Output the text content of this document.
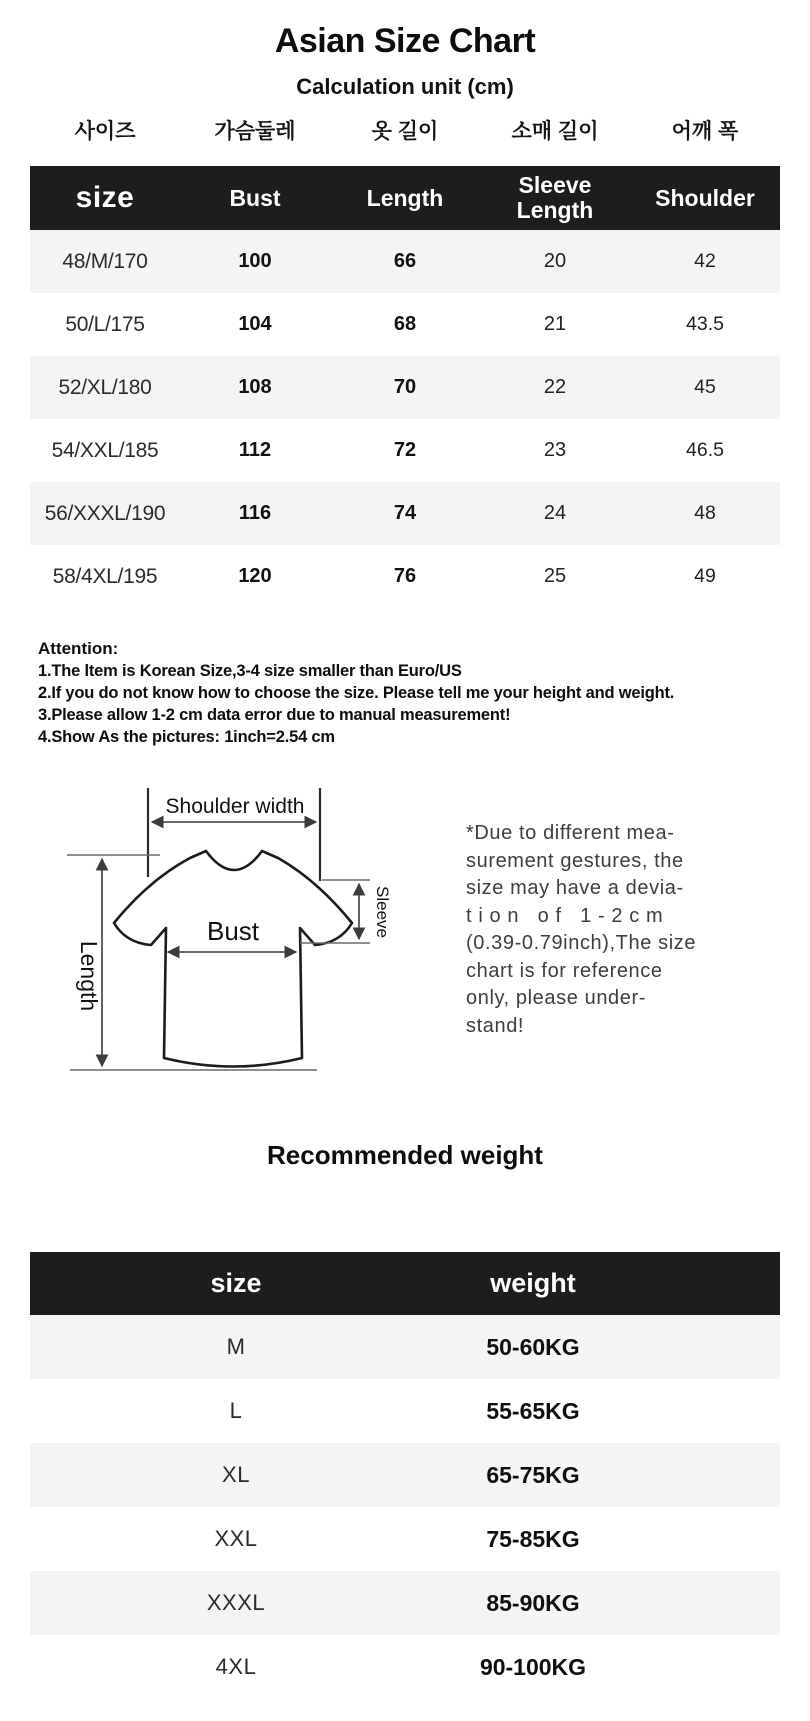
Asian Size Chart
Calculation unit (cm)
사이즈	가슴둘레	옷 길이	소매 길이	어깨 폭
size	Bust	Length	Sleeve Length	Shoulder
48/M/170	100	66	20	42
50/L/175	104	68	21	43.5
52/XL/180	108	70	22	45
54/XXL/185	112	72	23	46.5
56/XXXL/190	116	74	24	48
58/4XL/195	120	76	25	49
Attention:
1.The ltem is Korean Size,3-4 size smaller than Euro/US
2.If you do not know how to choose the size. Please tell me your height and weight.
3.Please allow 1-2 cm data error due to manual measurement!
4.Show As the pictures: 1inch=2.54 cm
Shoulder width
Length
Bust	Sleeve
*Due to different mea-
surement gestures, the
size may have a devia-
t i o n   o f   1 - 2 c m
(0.39-0.79inch),The size
chart is for reference
only, please under-
stand!
Recommended weight
size	weight
M	50-60KG
L	55-65KG
XL	65-75KG
XXL	75-85KG
XXXL	85-90KG
4XL	90-100KG
